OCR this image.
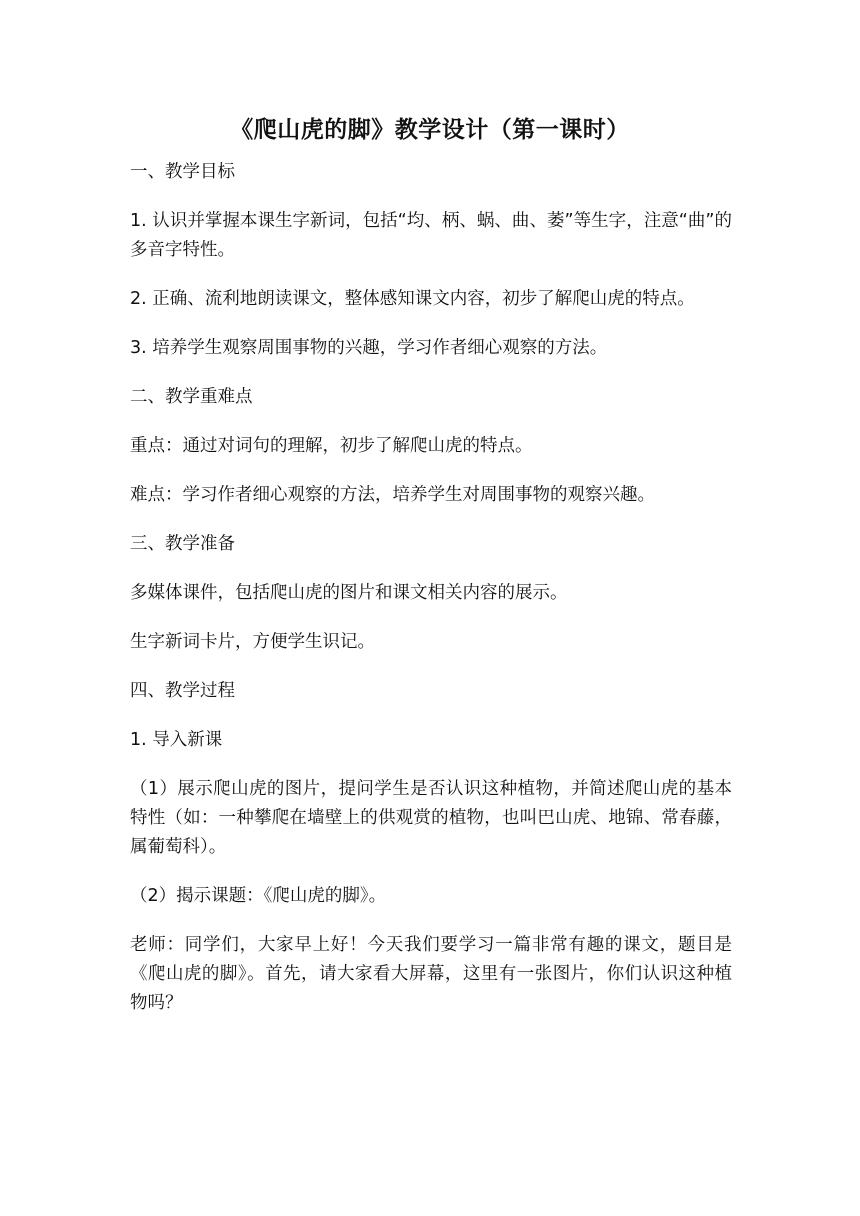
《爬山虎的脚》教学设计（第一课时）

一、教学目标

1. 认识并掌握本课生字新词，包括“均、柄、蜗、曲、萎”等生字，注意“曲”的多音字特性。

2. 正确、流利地朗读课文，整体感知课文内容，初步了解爬山虎的特点。

3. 培养学生观察周围事物的兴趣，学习作者细心观察的方法。

二、教学重难点

重点：通过对词句的理解，初步了解爬山虎的特点。

难点：学习作者细心观察的方法，培养学生对周围事物的观察兴趣。

三、教学准备

多媒体课件，包括爬山虎的图片和课文相关内容的展示。

生字新词卡片，方便学生识记。

四、教学过程

1. 导入新课

（1）展示爬山虎的图片，提问学生是否认识这种植物，并简述爬山虎的基本特性（如：一种攀爬在墙壁上的供观赏的植物，也叫巴山虎、地锦、常春藤，属葡萄科）。

（2）揭示课题：《爬山虎的脚》。

老师：同学们，大家早上好！今天我们要学习一篇非常有趣的课文，题目是《爬山虎的脚》。首先，请大家看大屏幕，这里有一张图片，你们认识这种植物吗？
